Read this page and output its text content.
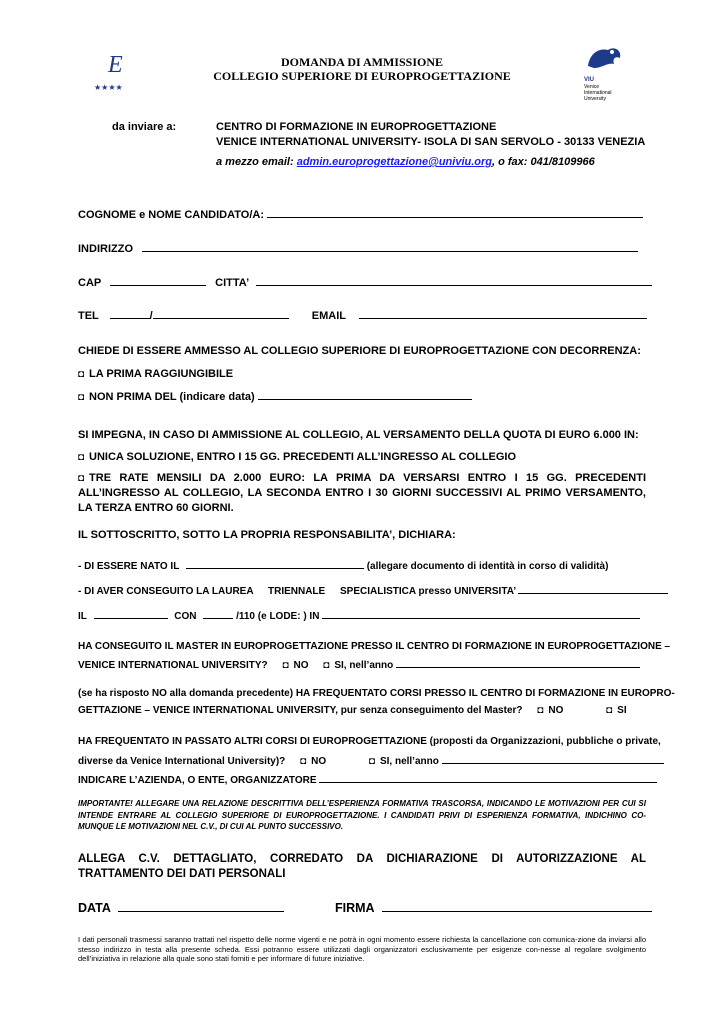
E
★★★★
DOMANDA DI AMMISSIONE
COLLEGIO SUPERIORE DI EUROPROGETTAZIONE	VIU
Venice
International
University
da inviare a:	CENTRO DI FORMAZIONE IN EUROPROGETTAZIONE
VENICE INTERNATIONAL UNIVERSITY- ISOLA DI SAN SERVOLO - 30133 VENEZIA
a mezzo email: admin.europrogettazione@univiu.org, o fax: 041/8109966
COGNOME e NOME CANDIDATO/A:
INDIRIZZO
CAP	CITTA’
TEL	/	EMAIL
CHIEDE DI ESSERE AMMESSO AL COLLEGIO SUPERIORE DI EUROPROGETTAZIONE CON DECORRENZA:
◘ LA PRIMA RAGGIUNGIBILE
◘ NON PRIMA DEL (indicare data)
SI IMPEGNA, IN CASO DI AMMISSIONE AL COLLEGIO, AL VERSAMENTO DELLA QUOTA DI EURO 6.000 IN:
◘ UNICA SOLUZIONE, ENTRO I 15 GG. PRECEDENTI ALL’INGRESSO AL COLLEGIO
◘ TRE RATE MENSILI DA 2.000 EURO: LA PRIMA DA VERSARSI ENTRO I 15 GG. PRECEDENTI ALL’INGRESSO AL COLLEGIO, LA SECONDA ENTRO I 30 GIORNI SUCCESSIVI AL PRIMO VERSAMENTO, LA TERZA ENTRO 60 GIORNI.
IL SOTTOSCRITTO, SOTTO LA PROPRIA RESPONSABILITA’, DICHIARA:
- DI ESSERE NATO IL	(allegare documento di identità in corso di validità)
- DI AVER CONSEGUITO LA LAUREA TRIENNALE SPECIALISTICA presso UNIVERSITA’
IL	CON	/110 (e LODE: ) IN
HA CONSEGUITO IL MASTER IN EUROPROGETTAZIONE PRESSO IL CENTRO DI FORMAZIONE IN EUROPROGETTAZIONE –
VENICE INTERNATIONAL UNIVERSITY? ◘ NO ◘ SI, nell’anno
(se ha risposto NO alla domanda precedente) HA FREQUENTATO CORSI PRESSO IL CENTRO DI FORMAZIONE IN EUROPRO-
GETTAZIONE – VENICE INTERNATIONAL UNIVERSITY, pur senza conseguimento del Master? ◘ NO	◘ SI
HA FREQUENTATO IN PASSATO ALTRI CORSI DI EUROPROGETTAZIONE (proposti da Organizzazioni, pubbliche o private,
diverse da Venice International University)? ◘ NO	◘ SI, nell’anno
INDICARE L’AZIENDA, O ENTE, ORGANIZZATORE
IMPORTANTE! ALLEGARE UNA RELAZIONE DESCRITTIVA DELL’ESPERIENZA FORMATIVA TRASCORSA, INDICANDO LE MOTIVAZIONI PER CUI SI INTENDE ENTRARE AL COLLEGIO SUPERIORE DI EUROPROGETTAZIONE. I CANDIDATI PRIVI DI ESPERIENZA FORMATIVA, INDICHINO CO-MUNQUE LE MOTIVAZIONI NEL C.V., DI CUI AL PUNTO SUCCESSIVO.
ALLEGA C.V. DETTAGLIATO, CORREDATO DA DICHIARAZIONE DI AUTORIZZAZIONE AL TRATTAMENTO DEI DATI PERSONALI
DATA	FIRMA
I dati personali trasmessi saranno trattati nel rispetto delle norme vigenti e ne potrà in ogni momento essere richiesta la cancellazione con comunica-zione da inviarsi allo stesso indirizzo in testa alla presente scheda. Essi potranno essere utilizzati dagli organizzatori esclusivamente per esigenze con-nesse al regolare svolgimento dell’iniziativa in relazione alla quale sono stati forniti e per informare di future iniziative.
